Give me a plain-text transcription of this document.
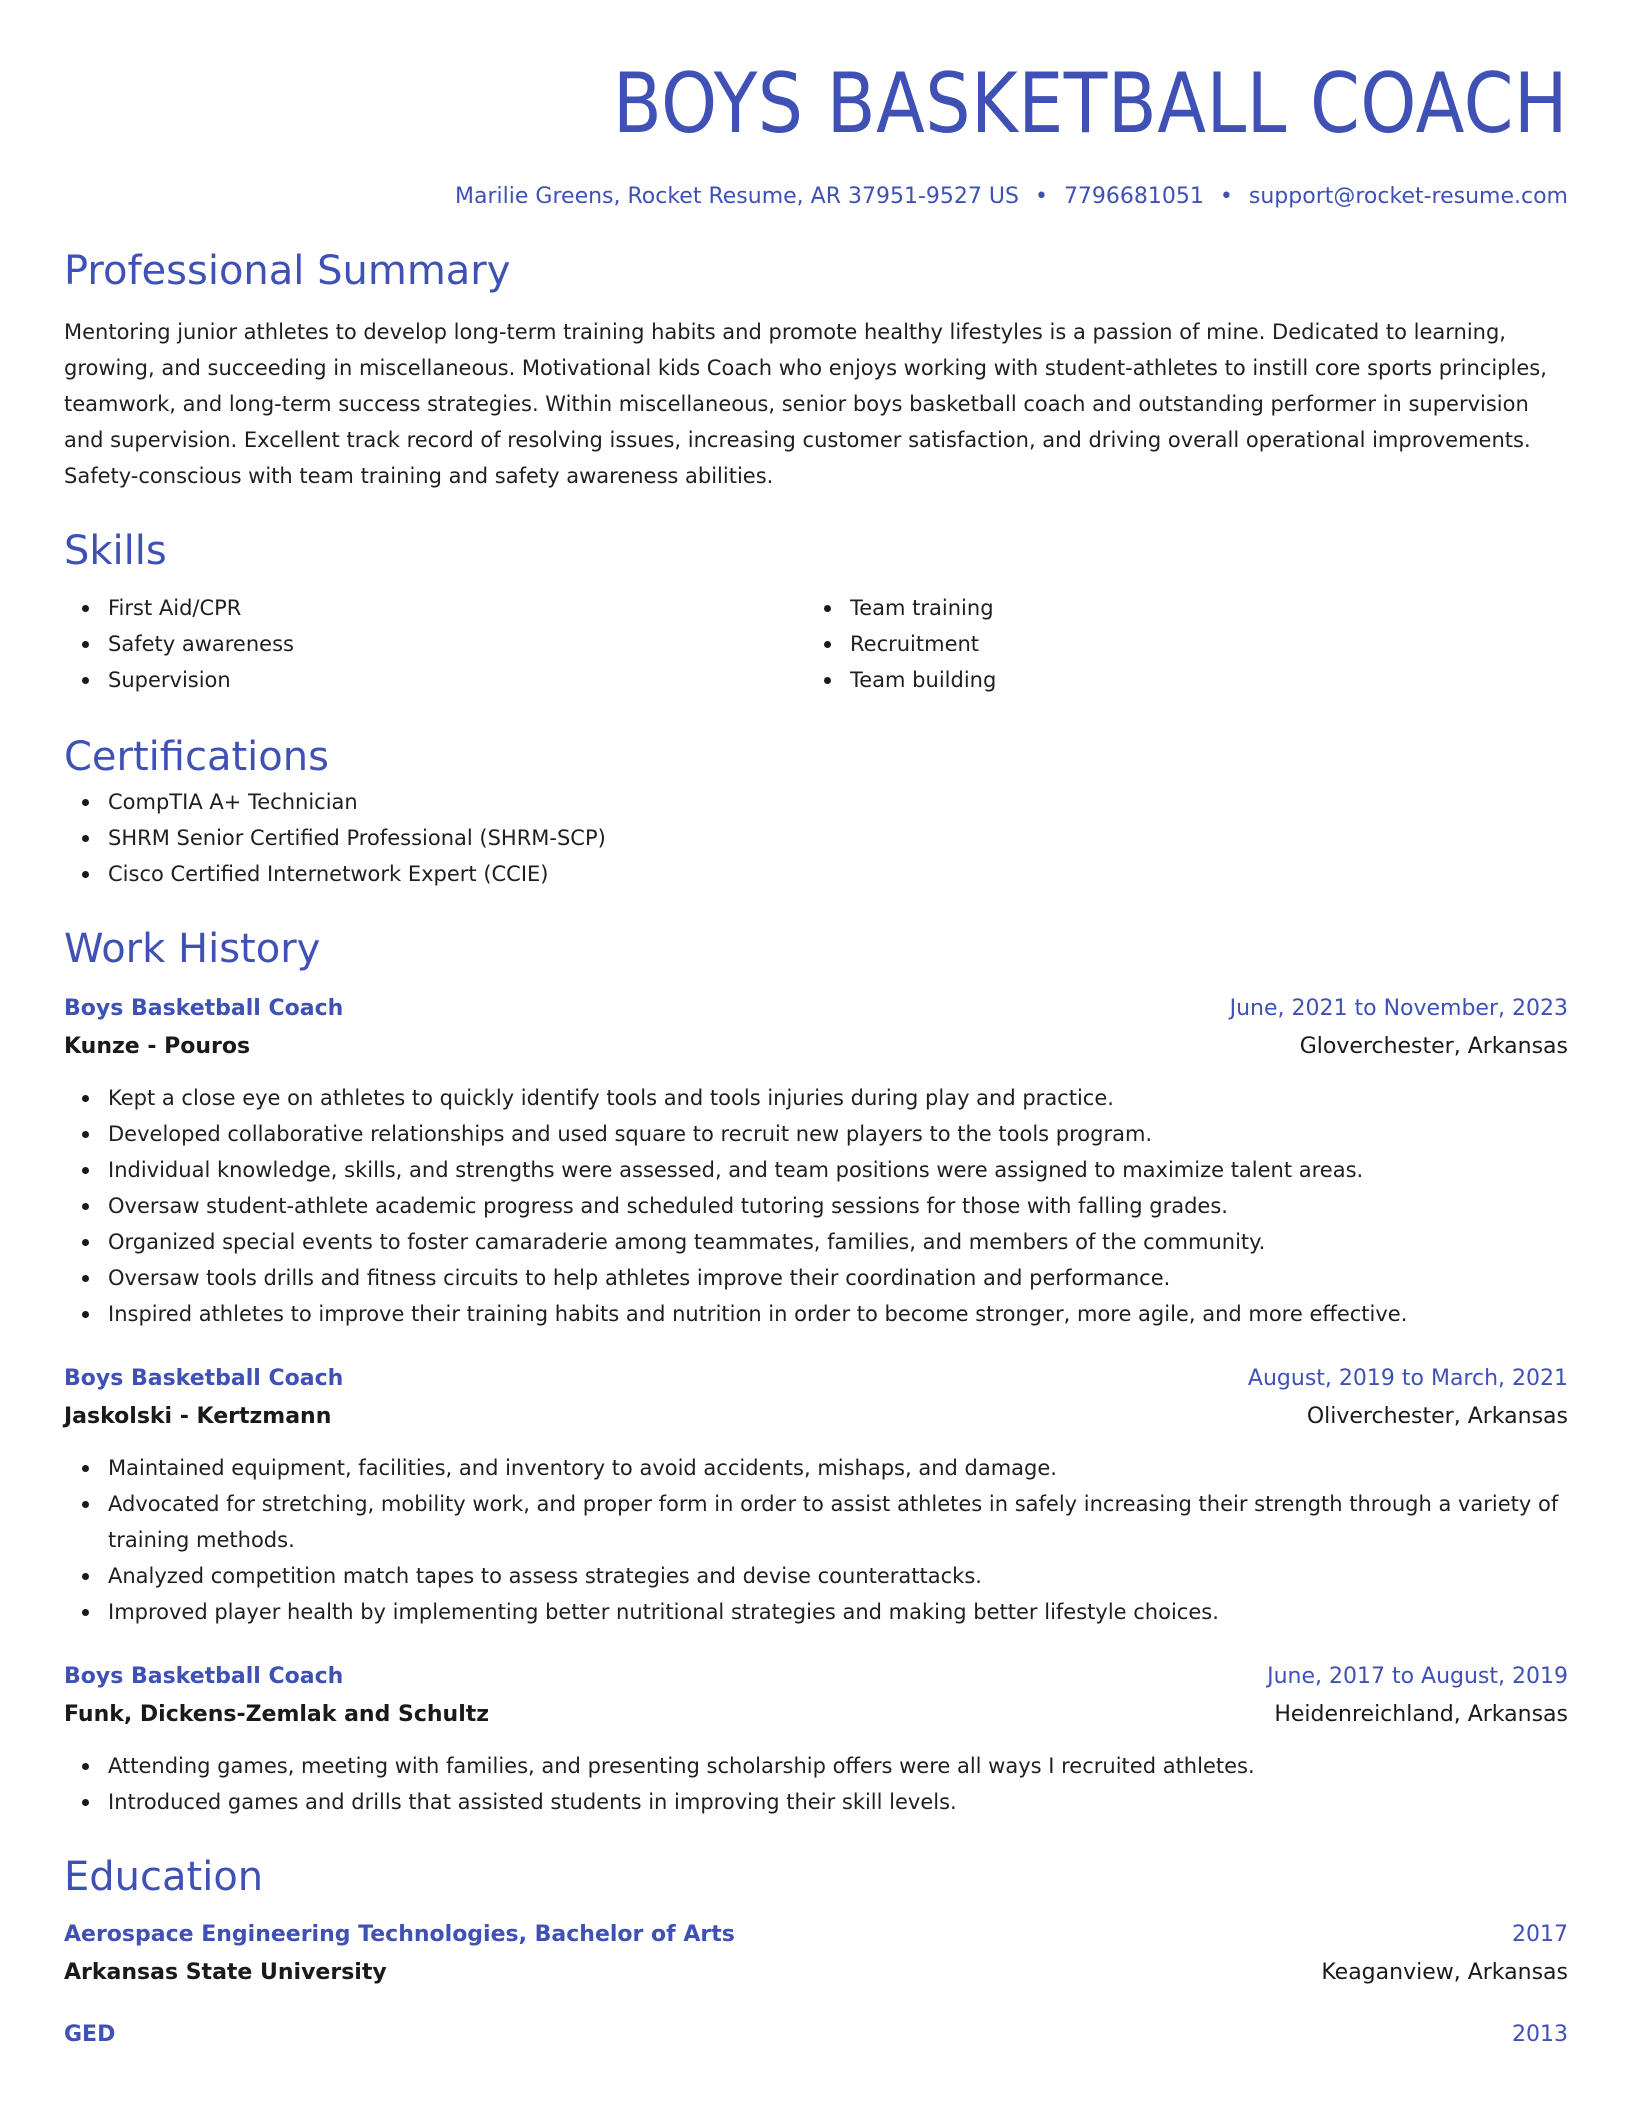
BOYS BASKETBALL COACH
Marilie Greens, Rocket Resume, AR 37951-9527 US • 7796681051 • support@rocket-resume.com
Professional Summary

Mentoring junior athletes to develop long-term training habits and promote healthy lifestyles is a passion of mine. Dedicated to learning, growing, and succeeding in miscellaneous. Motivational kids Coach who enjoys working with student-athletes to instill core sports principles, teamwork, and long-term success strategies. Within miscellaneous, senior boys basketball coach and outstanding performer in supervision and supervision. Excellent track record of resolving issues, increasing customer satisfaction, and driving overall operational improvements. Safety-conscious with team training and safety awareness abilities.

Skills
First Aid/CPR
Safety awareness
Supervision
Team training
Recruitment
Team building
Certifications
CompTIA A+ Technician
SHRM Senior Certified Professional (SHRM-SCP)
Cisco Certified Internetwork Expert (CCIE)
Work History
Boys Basketball Coach	June, 2021 to November, 2023
Kunze - Pouros	Gloverchester, Arkansas
Kept a close eye on athletes to quickly identify tools and tools injuries during play and practice.
Developed collaborative relationships and used square to recruit new players to the tools program.
Individual knowledge, skills, and strengths were assessed, and team positions were assigned to maximize talent areas.
Oversaw student-athlete academic progress and scheduled tutoring sessions for those with falling grades.
Organized special events to foster camaraderie among teammates, families, and members of the community.
Oversaw tools drills and fitness circuits to help athletes improve their coordination and performance.
Inspired athletes to improve their training habits and nutrition in order to become stronger, more agile, and more effective.
Boys Basketball Coach	August, 2019 to March, 2021
Jaskolski - Kertzmann	Oliverchester, Arkansas
Maintained equipment, facilities, and inventory to avoid accidents, mishaps, and damage.
Advocated for stretching, mobility work, and proper form in order to assist athletes in safely increasing their strength through a variety of training methods.
Analyzed competition match tapes to assess strategies and devise counterattacks.
Improved player health by implementing better nutritional strategies and making better lifestyle choices.
Boys Basketball Coach	June, 2017 to August, 2019
Funk, Dickens-Zemlak and Schultz	Heidenreichland, Arkansas
Attending games, meeting with families, and presenting scholarship offers were all ways I recruited athletes.
Introduced games and drills that assisted students in improving their skill levels.
Education
Aerospace Engineering Technologies, Bachelor of Arts	2017
Arkansas State University	Keaganview, Arkansas
GED	2013
